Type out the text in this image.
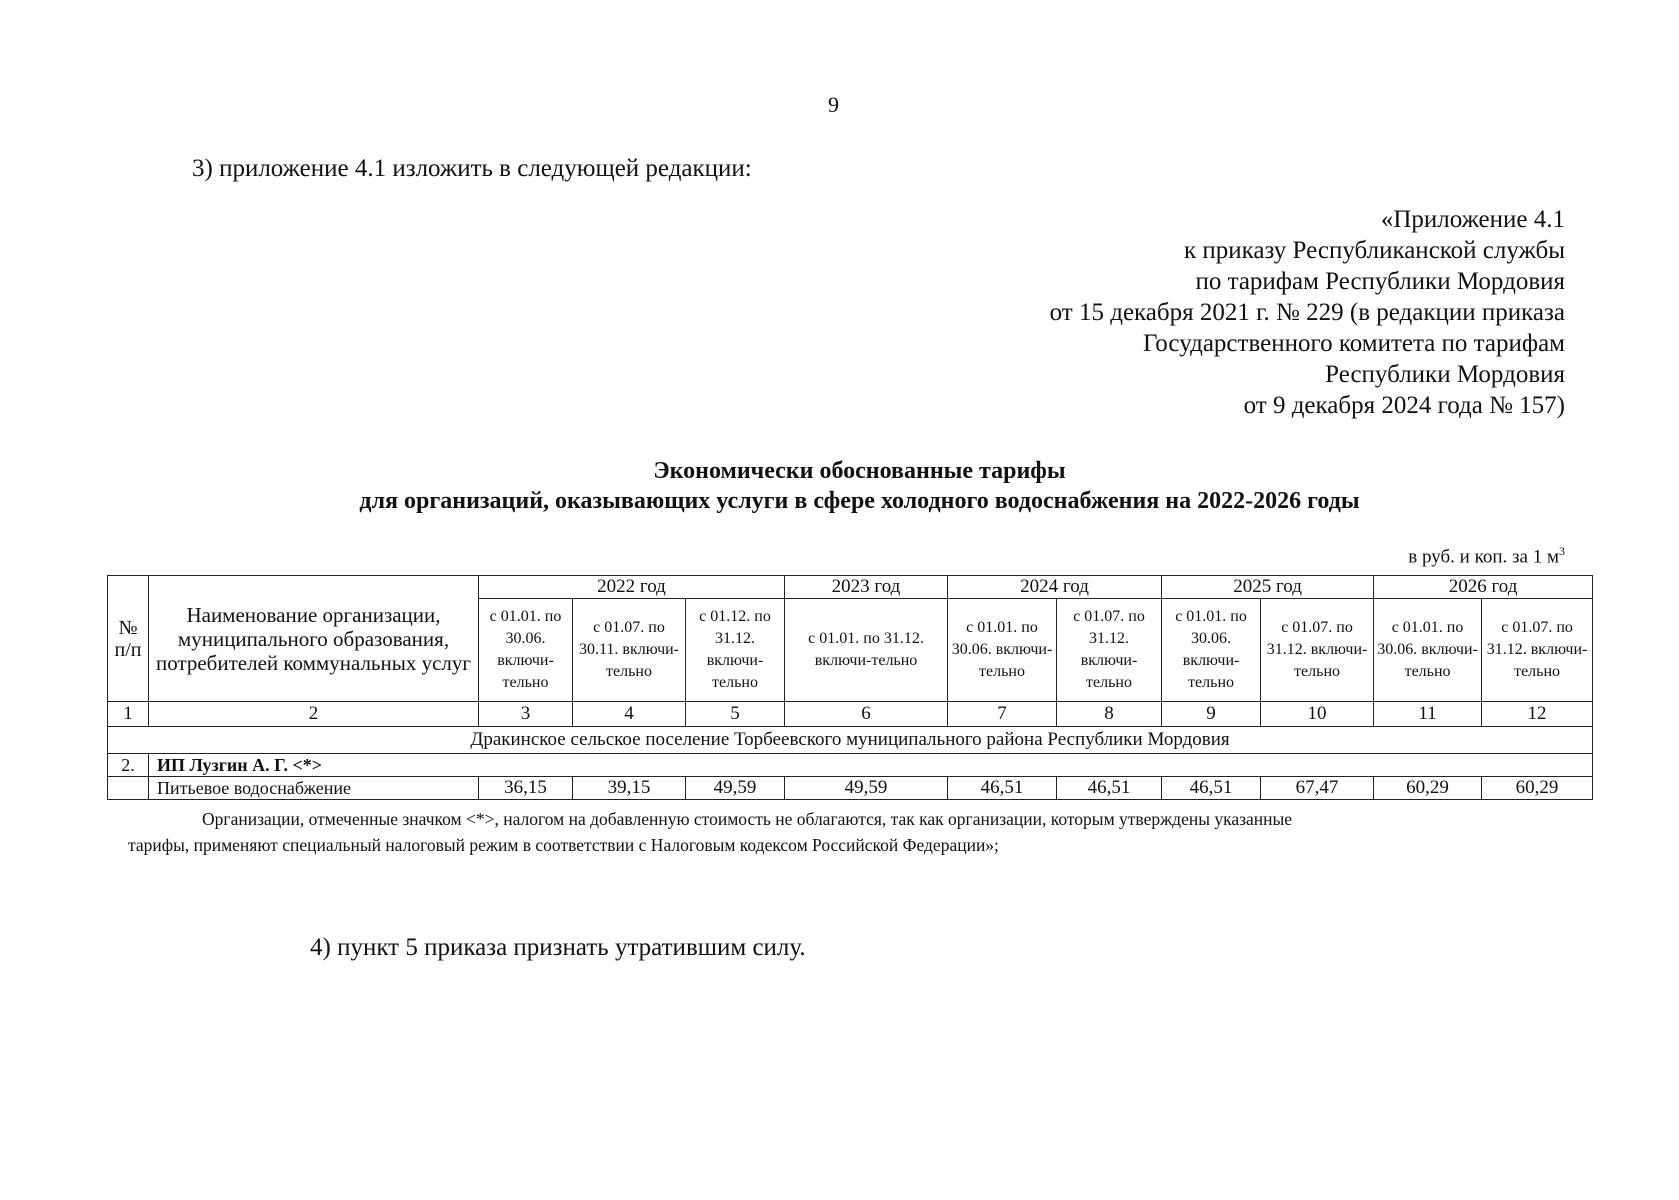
9
3) приложение 4.1 изложить в следующей редакции:
«Приложение 4.1
к приказу Республиканской службы
по тарифам Республики Мордовия
от 15 декабря 2021 г. № 229 (в редакции приказа
Государственного комитета по тарифам
Республики Мордовия
от 9 декабря 2024 года № 157)
Экономически обоснованные тарифы
для организаций, оказывающих услуги в сфере холодного водоснабжения на 2022-2026 годы
в руб. и коп. за 1 $м^3$
№ п/п	Наименование организации, муниципального образования, потребителей коммунальных услуг	2022 год			2023 год	2024 год		2025 год		2026 год	
		с 01.01. по 30.06. включи-тельно	с 01.07. по 30.11. включи-тельно	с 01.12. по 31.12. включи-тельно	с 01.01. по 31.12. включи-тельно	с 01.01. по 30.06. включи-тельно	с 01.07. по 31.12. включи-тельно	с 01.01. по 30.06. включи-тельно	с 01.07. по 31.12. включи-тельно	с 01.01. по 30.06. включи-тельно	с 01.07. по 31.12. включи-тельно
1	2	3	4	5	6	7	8	9	10	11	12
Дракинское сельское поселение Торбеевского муниципального района Республики Мордовия											
2.	ИП Лузгин А. Г. <*>										
	Питьевое водоснабжение	36,15	39,15	49,59	49,59	46,51	46,51	46,51	67,47	60,29	60,29
Организации, отмеченные значком <*>, налогом на добавленную стоимость не облагаются, так как организации, которым утверждены указанные
тарифы, применяют специальный налоговый режим в соответствии с Налоговым кодексом Российской Федерации»;
4) пункт 5 приказа признать утратившим силу.
